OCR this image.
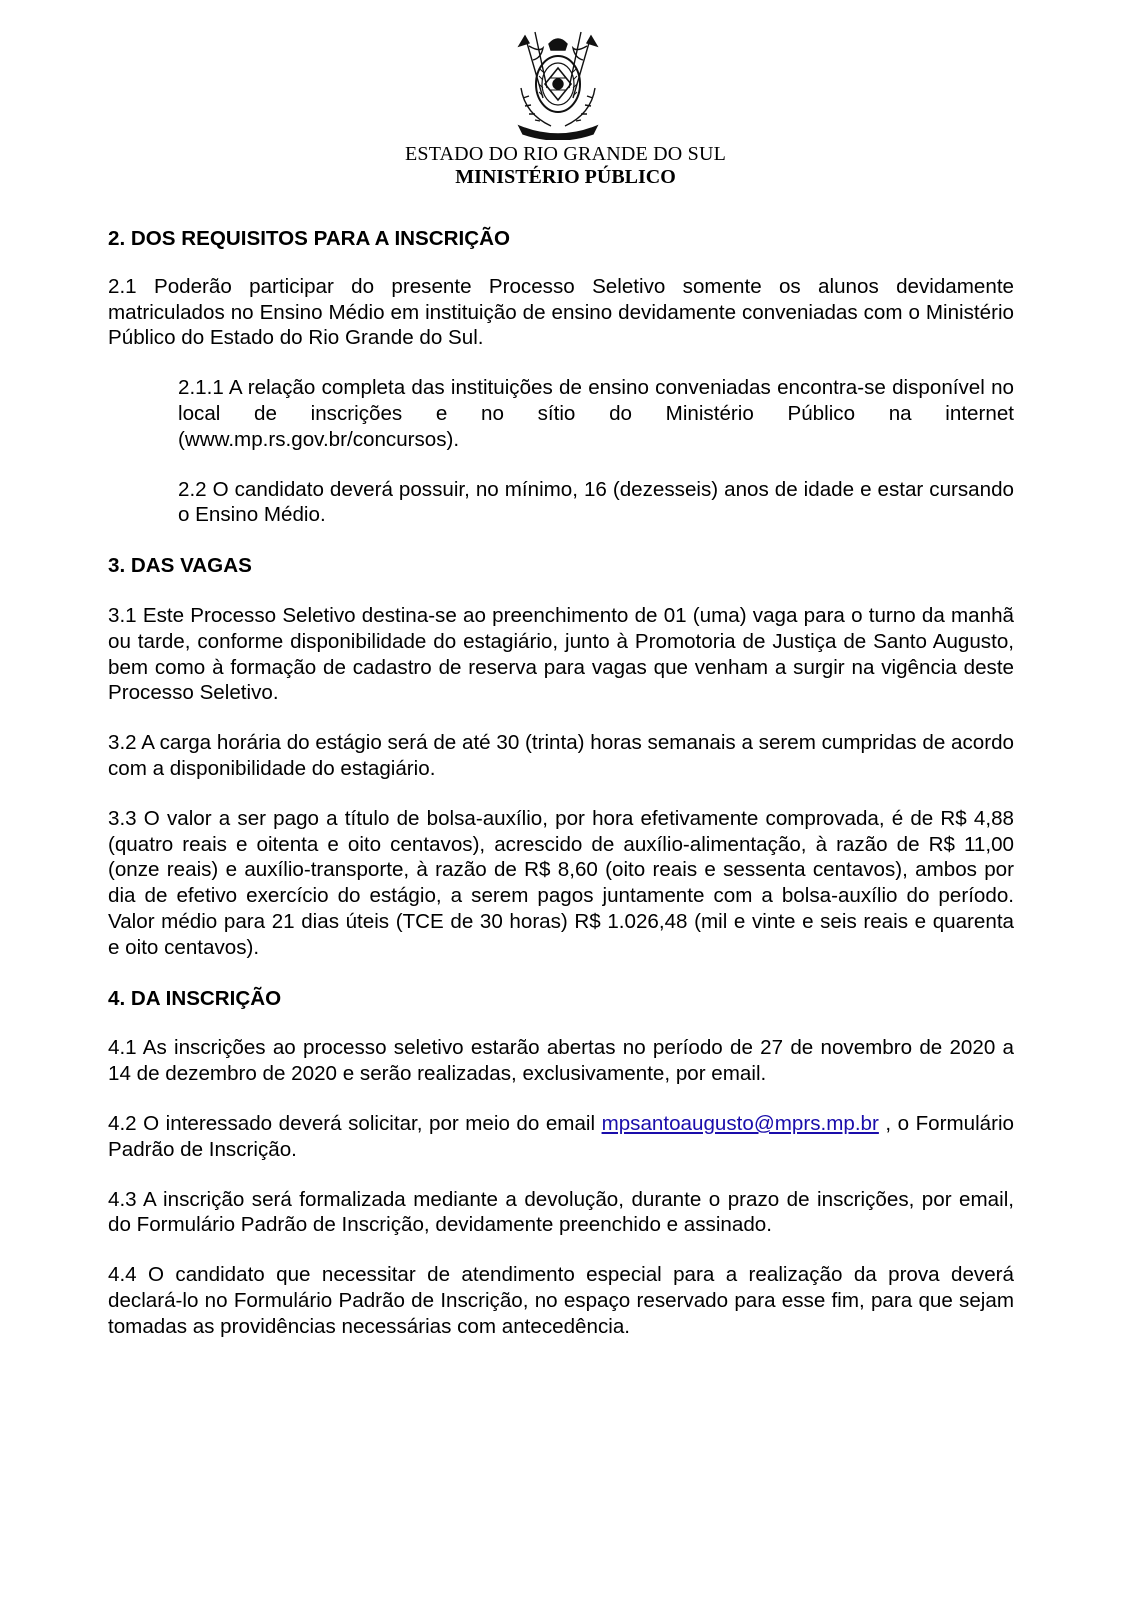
ESTADO DO RIO GRANDE DO SUL
MINISTÉRIO PÚBLICO

2. DOS REQUISITOS PARA A INSCRIÇÃO

2.1 Poderão participar do presente Processo Seletivo somente os alunos devidamente matriculados no Ensino Médio em instituição de ensino devidamente conveniadas com o Ministério Público do Estado do Rio Grande do Sul.

2.1.1 A relação completa das instituições de ensino conveniadas encontra-se disponível no local de inscrições e no sítio do Ministério Público na internet (www.mp.rs.gov.br/concursos).

2.2 O candidato deverá possuir, no mínimo, 16 (dezesseis) anos de idade e estar cursando o Ensino Médio.

3. DAS VAGAS

3.1 Este Processo Seletivo destina-se ao preenchimento de 01 (uma) vaga para o turno da manhã ou tarde, conforme disponibilidade do estagiário, junto à Promotoria de Justiça de Santo Augusto, bem como à formação de cadastro de reserva para vagas que venham a surgir na vigência deste Processo Seletivo.

3.2 A carga horária do estágio será de até 30 (trinta) horas semanais a serem cumpridas de acordo com a disponibilidade do estagiário.

3.3 O valor a ser pago a título de bolsa-auxílio, por hora efetivamente comprovada, é de R$ 4,88 (quatro reais e oitenta e oito centavos), acrescido de auxílio-alimentação, à razão de R$ 11,00 (onze reais) e auxílio-transporte, à razão de R$ 8,60 (oito reais e sessenta centavos), ambos por dia de efetivo exercício do estágio, a serem pagos juntamente com a bolsa-auxílio do período. Valor médio para 21 dias úteis (TCE de 30 horas) R$ 1.026,48 (mil e vinte e seis reais e quarenta e oito centavos).

4. DA INSCRIÇÃO

4.1 As inscrições ao processo seletivo estarão abertas no período de 27 de novembro de 2020 a 14 de dezembro de 2020 e serão realizadas, exclusivamente, por email.

4.2 O interessado deverá solicitar, por meio do email mpsantoaugusto@mprs.mp.br , o Formulário Padrão de Inscrição.

4.3 A inscrição será formalizada mediante a devolução, durante o prazo de inscrições, por email, do Formulário Padrão de Inscrição, devidamente preenchido e assinado.

4.4 O candidato que necessitar de atendimento especial para a realização da prova deverá declará-lo no Formulário Padrão de Inscrição, no espaço reservado para esse fim, para que sejam tomadas as providências necessárias com antecedência.
